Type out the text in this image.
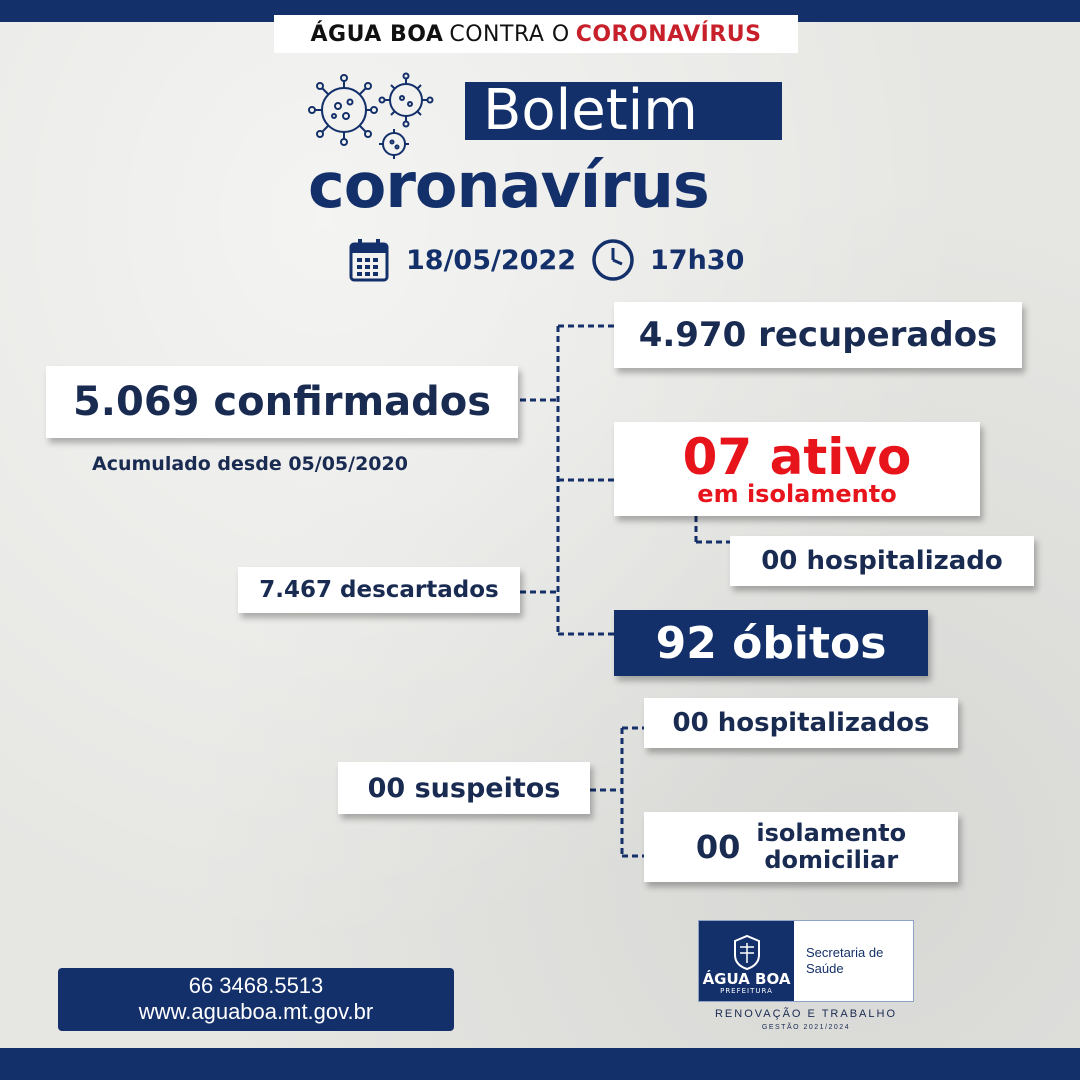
ÁGUA BOA CONTRA O CORONAVÍRUS
Boletim
coronavírus
18/05/2022	17h30
5.069 confirmados
Acumulado desde 05/05/2020
7.467 descartados
4.970 recuperados
07 ativo
em isolamento
00 hospitalizado
92 óbitos
00 suspeitos
00 hospitalizados
00 isolamento
domiciliar
66 3468.5513
www.aguaboa.mt.gov.br
ÁGUA BOA
PREFEITURA
Secretaria de
Saúde
RENOVAÇÃO E TRABALHO
GESTÃO 2021/2024
